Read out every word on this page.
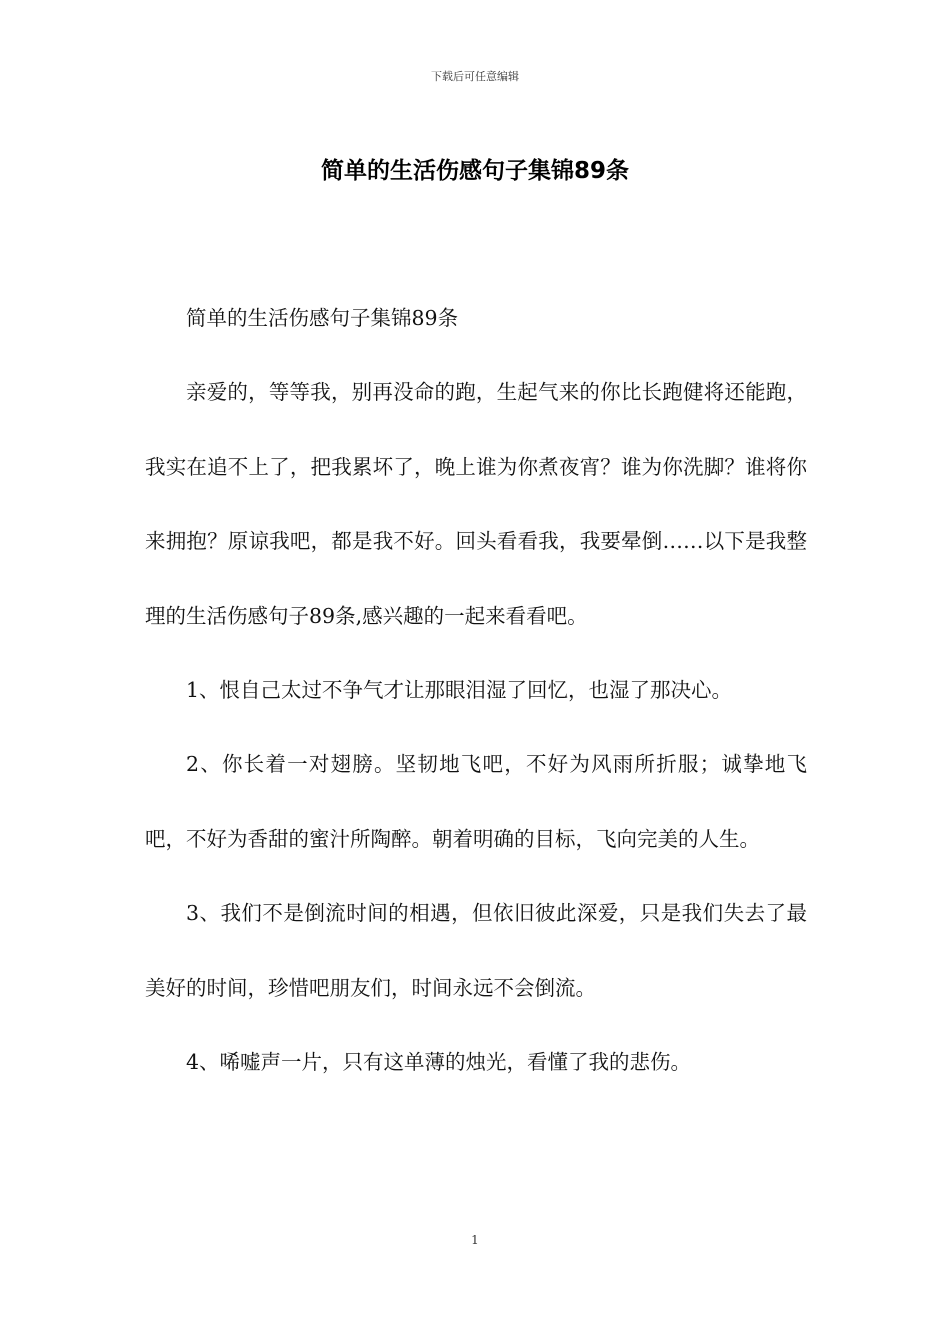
下载后可任意编辑
简单的生活伤感句子集锦89条

简单的生活伤感句子集锦89条

亲爱的，等等我，别再没命的跑，生起气来的你比长跑健将还能跑，我实在追不上了，把我累坏了，晚上谁为你煮夜宵？谁为你洗脚？谁将你来拥抱？原谅我吧，都是我不好。回头看看我，我要晕倒……以下是我整理的生活伤感句子89条,感兴趣的一起来看看吧。

1、恨自己太过不争气才让那眼泪湿了回忆，也湿了那决心。

2、你长着一对翅膀。坚韧地飞吧，不好为风雨所折服；诚挚地飞吧，不好为香甜的蜜汁所陶醉。朝着明确的目标，飞向完美的人生。

3、我们不是倒流时间的相遇，但依旧彼此深爱，只是我们失去了最美好的时间，珍惜吧朋友们，时间永远不会倒流。

4、唏嘘声一片，只有这单薄的烛光，看懂了我的悲伤。

1
